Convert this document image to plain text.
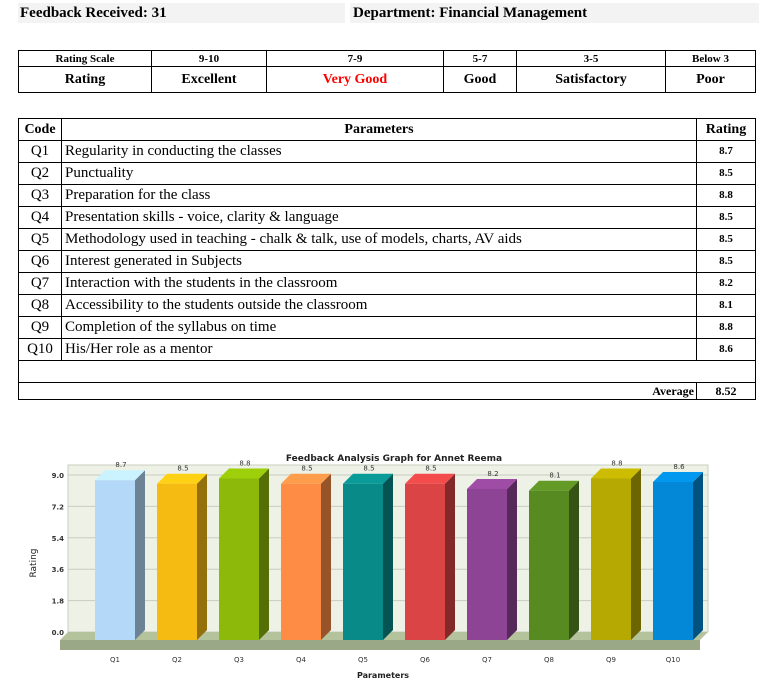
Feedback Received: 31	Department: Financial Management
Rating Scale	9-10	7-9	5-7	3-5	Below 3
Rating	Excellent	Very Good	Good	Satisfactory	Poor
Code	Parameters	Rating
Q1	Regularity in conducting the classes	8.7
Q2	Punctuality	8.5
Q3	Preparation for the class	8.8
Q4	Presentation skills - voice, clarity & language	8.5
Q5	Methodology used in teaching - chalk & talk, use of models, charts, AV aids	8.5
Q6	Interest generated in Subjects	8.5
Q7	Interaction with the students in the classroom	8.2
Q8	Accessibility to the students outside the classroom	8.1
Q9	Completion of the syllabus on time	8.8
Q10	His/Her role as a mentor	8.6

Average		8.52
Feedback Analysis Graph for Annet Reema
Rating
Parameters
9.0
7.2
5.4
3.6
1.8
0.0
8.7
Q1
8.5
Q2
8.8
Q3
8.5
Q4
8.5
Q5
8.5
Q6
8.2
Q7
8.1
Q8
8.8
Q9
8.6
Q10
